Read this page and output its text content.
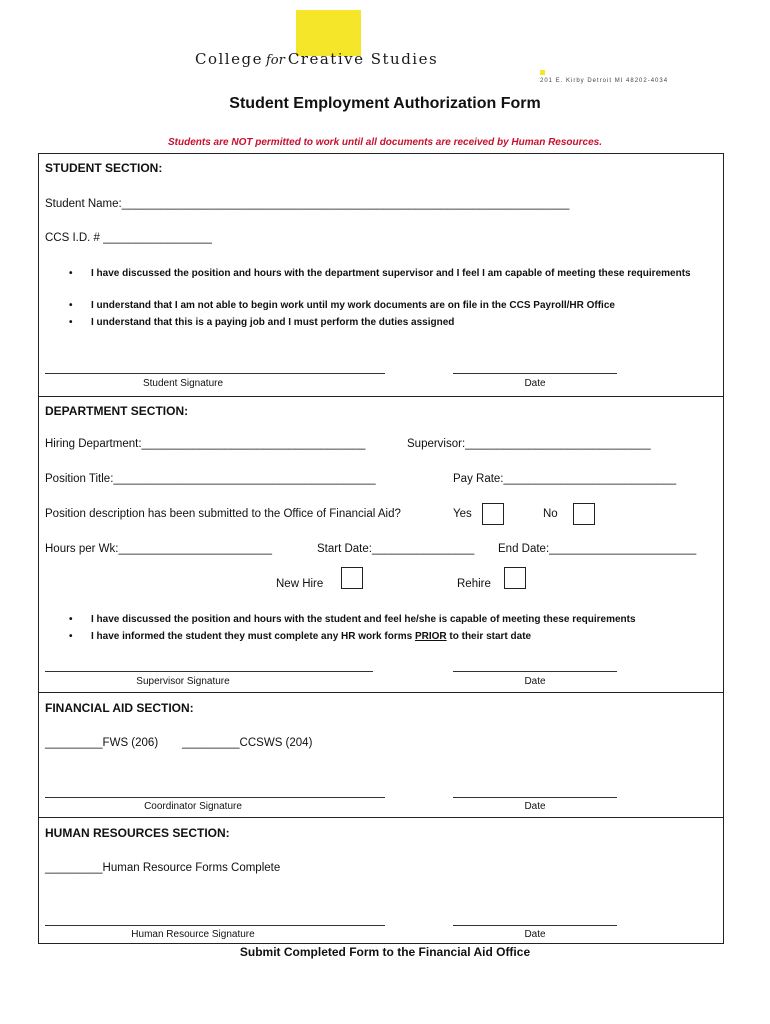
College for Creative Studies
201 E. Kirby Detroit MI 48202-4034
Student Employment Authorization Form
Students are NOT permitted to work until all documents are received by Human Resources.
STUDENT SECTION:
Student Name:______________________________________________________________________
CCS I.D. # _________________
• I have discussed the position and hours with the department supervisor and I feel I am capable of meeting these requirements
• I understand that I am not able to begin work until my work documents are on file in the CCS Payroll/HR Office
• I understand that this is a paying job and I must perform the duties assigned
Student Signature	Date
DEPARTMENT SECTION:
Hiring Department:___________________________________	Supervisor:_____________________________
Position Title:_________________________________________	Pay Rate:___________________________
Position description has been submitted to the Office of Financial Aid?	Yes	No
Hours per Wk:________________________	Start Date:________________ End Date:_______________________
New Hire	Rehire
• I have discussed the position and hours with the student and feel he/she is capable of meeting these requirements
• I have informed the student they must complete any HR work forms PRIOR to their start date
Supervisor Signature	Date
FINANCIAL AID SECTION:
_________FWS (206) _________CCSWS (204)
Coordinator Signature	Date
HUMAN RESOURCES SECTION:
_________Human Resource Forms Complete
Human Resource Signature	Date
Submit Completed Form to the Financial Aid Office
